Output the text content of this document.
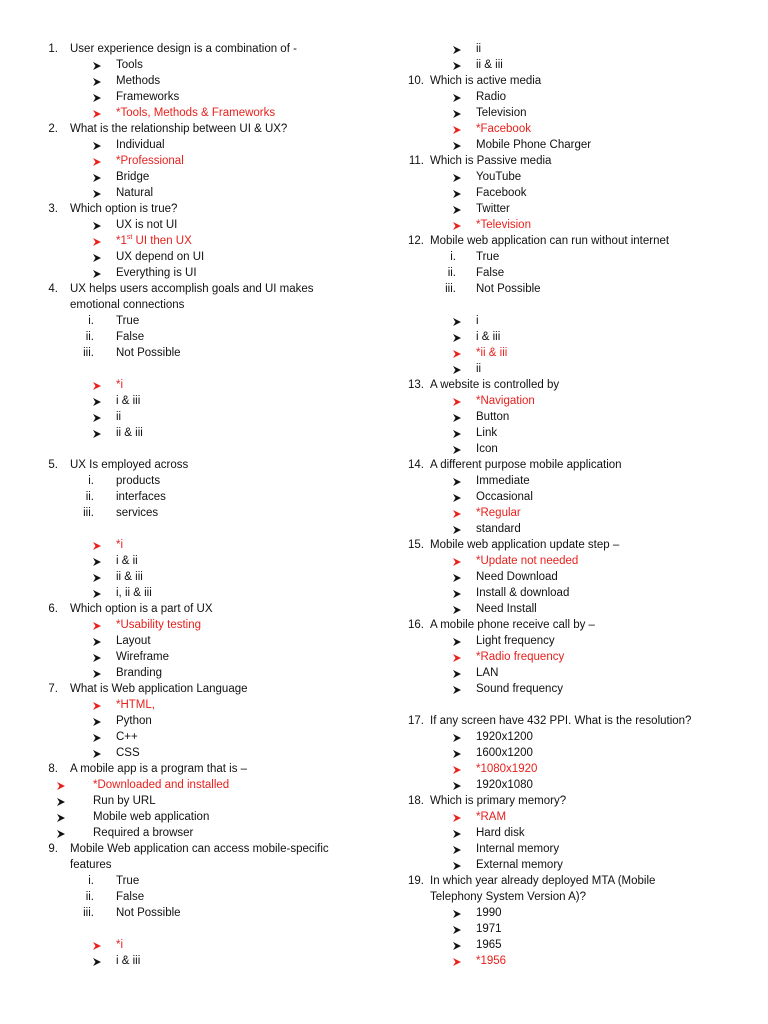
1. User experience design is a combination of -
Tools
Methods
Frameworks
*Tools, Methods & Frameworks
2. What is the relationship between UI & UX?
Individual
*Professional
Bridge
Natural
3. Which option is true?
UX is not UI
*1st UI then UX
UX depend on UI
Everything is UI
4. UX helps users accomplish goals and UI makes
emotional connections
i. True
ii. False
iii. Not Possible
*i
i & iii
ii
ii & iii
5. UX Is employed across
i. products
ii. interfaces
iii. services
*i
i & ii
ii & iii
i, ii & iii
6. Which option is a part of UX
*Usability testing
Layout
Wireframe
Branding
7. What is Web application Language
*HTML,
Python
C++
CSS
8. A mobile app is a program that is –
*Downloaded and installed
Run by URL
Mobile web application
Required a browser
9. Mobile Web application can access mobile-specific
features
i. True
ii. False
iii. Not Possible
*i
i & iii
ii
ii & iii
10. Which is active media
Radio
Television
*Facebook
Mobile Phone Charger
11. Which is Passive media
YouTube
Facebook
Twitter
*Television
12. Mobile web application can run without internet
i. True
ii. False
iii. Not Possible
i
i & iii
*ii & iii
ii
13. A website is controlled by
*Navigation
Button
Link
Icon
14. A different purpose mobile application
Immediate
Occasional
*Regular
standard
15. Mobile web application update step –
*Update not needed
Need Download
Install & download
Need Install
16. A mobile phone receive call by –
Light frequency
*Radio frequency
LAN
Sound frequency
17. If any screen have 432 PPI. What is the resolution?
1920x1200
1600x1200
*1080x1920
1920x1080
18. Which is primary memory?
*RAM
Hard disk
Internal memory
External memory
19. In which year already deployed MTA (Mobile
Telephony System Version A)?
1990
1971
1965
*1956
